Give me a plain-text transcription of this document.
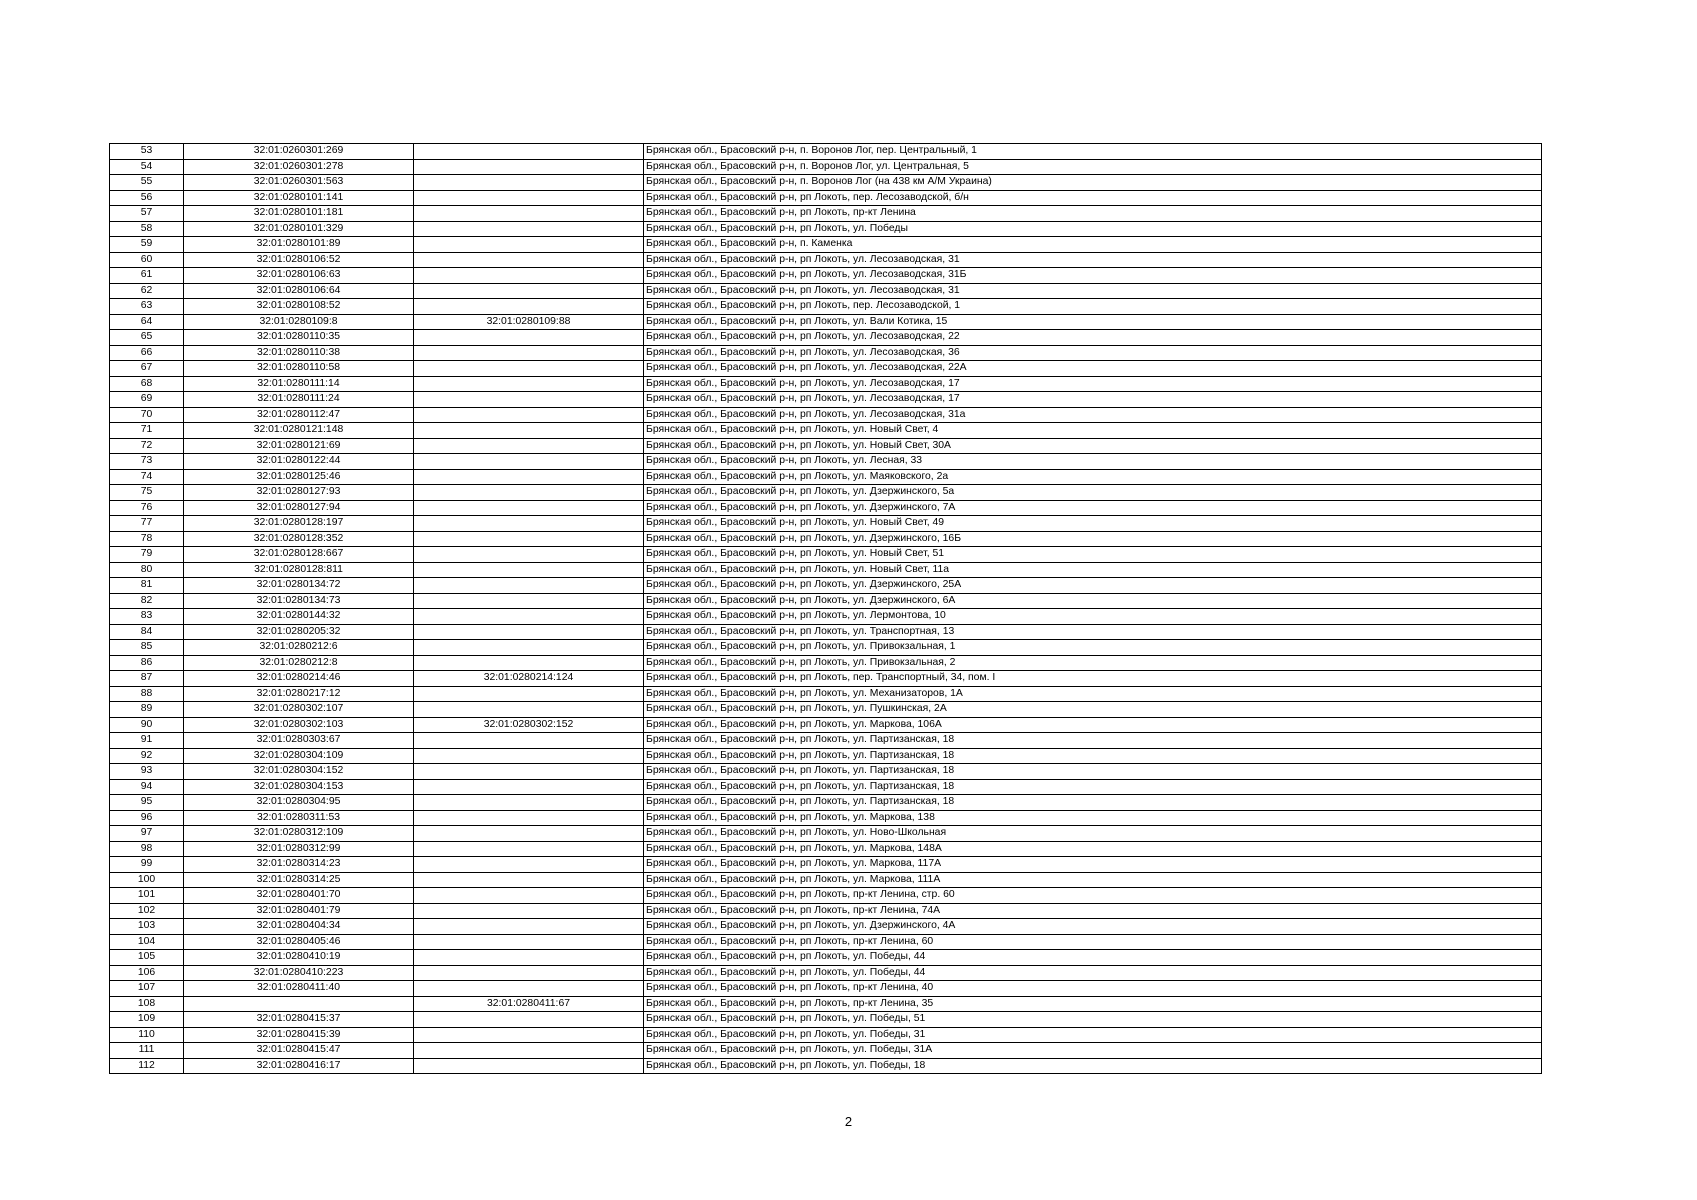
53	32:01:0260301:269		Брянская обл., Брасовский р-н, п. Воронов Лог, пер. Центральный, 1
54	32:01:0260301:278		Брянская обл., Брасовский р-н, п. Воронов Лог, ул. Центральная, 5
55	32:01:0260301:563		Брянская обл., Брасовский р-н, п. Воронов Лог (на 438 км А/М Украина)
56	32:01:0280101:141		Брянская обл., Брасовский р-н, рп Локоть, пер. Лесозаводской, б/н
57	32:01:0280101:181		Брянская обл., Брасовский р-н, рп Локоть, пр-кт Ленина
58	32:01:0280101:329		Брянская обл., Брасовский р-н, рп Локоть, ул. Победы
59	32:01:0280101:89		Брянская обл., Брасовский р-н, п. Каменка
60	32:01:0280106:52		Брянская обл., Брасовский р-н, рп Локоть, ул. Лесозаводская, 31
61	32:01:0280106:63		Брянская обл., Брасовский р-н, рп Локоть, ул. Лесозаводская, 31Б
62	32:01:0280106:64		Брянская обл., Брасовский р-н, рп Локоть, ул. Лесозаводская, 31
63	32:01:0280108:52		Брянская обл., Брасовский р-н, рп Локоть, пер. Лесозаводской, 1
64	32:01:0280109:8	32:01:0280109:88	Брянская обл., Брасовский р-н, рп Локоть, ул. Вали Котика, 15
65	32:01:0280110:35		Брянская обл., Брасовский р-н, рп Локоть, ул. Лесозаводская, 22
66	32:01:0280110:38		Брянская обл., Брасовский р-н, рп Локоть, ул. Лесозаводская, 36
67	32:01:0280110:58		Брянская обл., Брасовский р-н, рп Локоть, ул. Лесозаводская, 22А
68	32:01:0280111:14		Брянская обл., Брасовский р-н, рп Локоть, ул. Лесозаводская, 17
69	32:01:0280111:24		Брянская обл., Брасовский р-н, рп Локоть, ул. Лесозаводская, 17
70	32:01:0280112:47		Брянская обл., Брасовский р-н, рп Локоть, ул. Лесозаводская, 31а
71	32:01:0280121:148		Брянская обл., Брасовский р-н, рп Локоть, ул. Новый Свет, 4
72	32:01:0280121:69		Брянская обл., Брасовский р-н, рп Локоть, ул. Новый Свет, 30А
73	32:01:0280122:44		Брянская обл., Брасовский р-н, рп Локоть, ул. Лесная, 33
74	32:01:0280125:46		Брянская обл., Брасовский р-н, рп Локоть, ул. Маяковского, 2а
75	32:01:0280127:93		Брянская обл., Брасовский р-н, рп Локоть, ул. Дзержинского, 5а
76	32:01:0280127:94		Брянская обл., Брасовский р-н, рп Локоть, ул. Дзержинского, 7А
77	32:01:0280128:197		Брянская обл., Брасовский р-н, рп Локоть, ул. Новый Свет, 49
78	32:01:0280128:352		Брянская обл., Брасовский р-н, рп Локоть, ул. Дзержинского, 16Б
79	32:01:0280128:667		Брянская обл., Брасовский р-н, рп Локоть, ул. Новый Свет, 51
80	32:01:0280128:811		Брянская обл., Брасовский р-н, рп Локоть, ул. Новый Свет, 11а
81	32:01:0280134:72		Брянская обл., Брасовский р-н, рп Локоть, ул. Дзержинского, 25А
82	32:01:0280134:73		Брянская обл., Брасовский р-н, рп Локоть, ул. Дзержинского, 6А
83	32:01:0280144:32		Брянская обл., Брасовский р-н, рп Локоть, ул. Лермонтова, 10
84	32:01:0280205:32		Брянская обл., Брасовский р-н, рп Локоть, ул. Транспортная, 13
85	32:01:0280212:6		Брянская обл., Брасовский р-н, рп Локоть, ул. Привокзальная, 1
86	32:01:0280212:8		Брянская обл., Брасовский р-н, рп Локоть, ул. Привокзальная, 2
87	32:01:0280214:46	32:01:0280214:124	Брянская обл., Брасовский р-н, рп Локоть, пер. Транспортный, 34, пом. I
88	32:01:0280217:12		Брянская обл., Брасовский р-н, рп Локоть, ул. Механизаторов, 1А
89	32:01:0280302:107		Брянская обл., Брасовский р-н, рп Локоть, ул. Пушкинская, 2А
90	32:01:0280302:103	32:01:0280302:152	Брянская обл., Брасовский р-н, рп Локоть, ул. Маркова, 106А
91	32:01:0280303:67		Брянская обл., Брасовский р-н, рп Локоть, ул. Партизанская, 18
92	32:01:0280304:109		Брянская обл., Брасовский р-н, рп Локоть, ул. Партизанская, 18
93	32:01:0280304:152		Брянская обл., Брасовский р-н, рп Локоть, ул. Партизанская, 18
94	32:01:0280304:153		Брянская обл., Брасовский р-н, рп Локоть, ул. Партизанская, 18
95	32:01:0280304:95		Брянская обл., Брасовский р-н, рп Локоть, ул. Партизанская, 18
96	32:01:0280311:53		Брянская обл., Брасовский р-н, рп Локоть, ул. Маркова, 138
97	32:01:0280312:109		Брянская обл., Брасовский р-н, рп Локоть, ул. Ново-Школьная
98	32:01:0280312:99		Брянская обл., Брасовский р-н, рп Локоть, ул. Маркова, 148А
99	32:01:0280314:23		Брянская обл., Брасовский р-н, рп Локоть, ул. Маркова, 117А
100	32:01:0280314:25		Брянская обл., Брасовский р-н, рп Локоть, ул. Маркова, 111А
101	32:01:0280401:70		Брянская обл., Брасовский р-н, рп Локоть, пр-кт Ленина, стр. 60
102	32:01:0280401:79		Брянская обл., Брасовский р-н, рп Локоть, пр-кт Ленина, 74А
103	32:01:0280404:34		Брянская обл., Брасовский р-н, рп Локоть, ул. Дзержинского, 4А
104	32:01:0280405:46		Брянская обл., Брасовский р-н, рп Локоть, пр-кт Ленина, 60
105	32:01:0280410:19		Брянская обл., Брасовский р-н, рп Локоть, ул. Победы, 44
106	32:01:0280410:223		Брянская обл., Брасовский р-н, рп Локоть, ул. Победы, 44
107	32:01:0280411:40		Брянская обл., Брасовский р-н, рп Локоть, пр-кт Ленина, 40
108		32:01:0280411:67	Брянская обл., Брасовский р-н, рп Локоть, пр-кт Ленина, 35
109	32:01:0280415:37		Брянская обл., Брасовский р-н, рп Локоть, ул. Победы, 51
110	32:01:0280415:39		Брянская обл., Брасовский р-н, рп Локоть, ул. Победы, 31
111	32:01:0280415:47		Брянская обл., Брасовский р-н, рп Локоть, ул. Победы, 31А
112	32:01:0280416:17		Брянская обл., Брасовский р-н, рп Локоть, ул. Победы, 18
2
